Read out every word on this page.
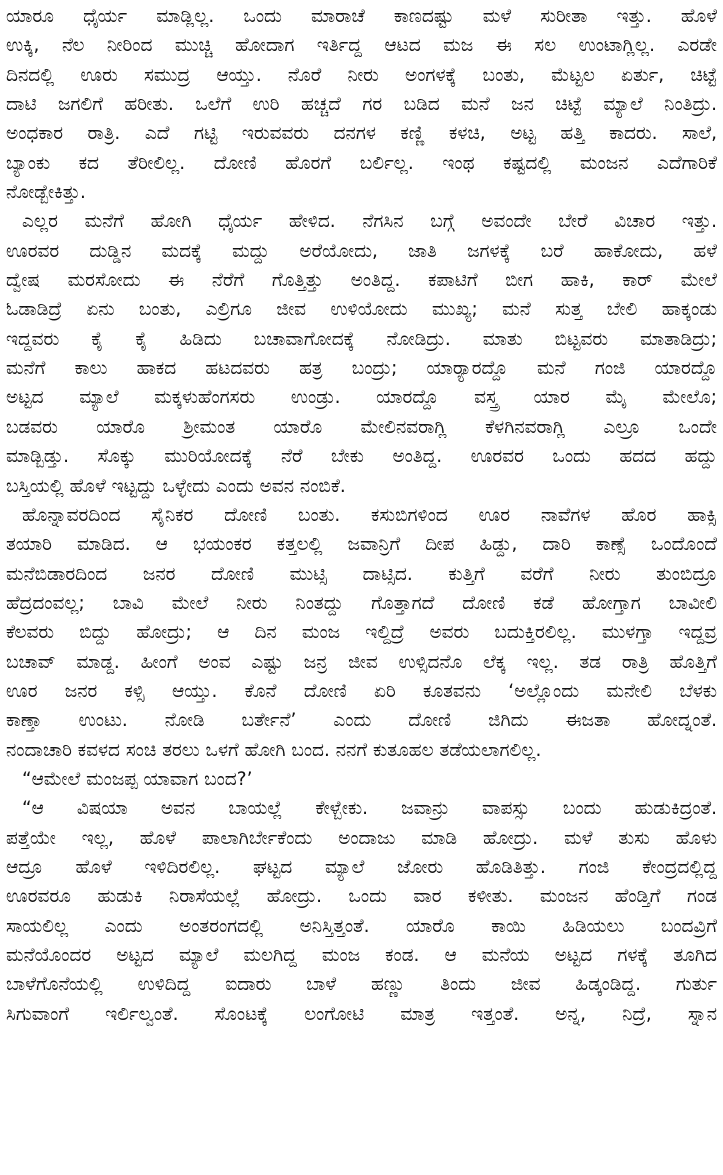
ಯಾರೂ ಧೈರ್ಯ ಮಾಡ್ಲಿಲ್ಲ. ಒಂದು ಮಾರಾಚೆ ಕಾಣದಷ್ಟು ಮಳೆ ಸುರೀತಾ ಇತ್ತು. ಹೊಳೆ
ಉಕ್ಕಿ, ನೆಲ ನೀರಿಂದ ಮುಚ್ಚಿ ಹೋದಾಗ ಇರ್ತಿದ್ದ ಆಟದ ಮಜ ಈ ಸಲ ಉಂಟಾಗ್ಲಿಲ್ಲ. ಎರಡೇ
ದಿನದಲ್ಲಿ ಊರು ಸಮುದ್ರ ಆಯ್ತು. ನೊರೆ ನೀರು ಅಂಗಳಕ್ಕೆ ಬಂತು, ಮೆಟ್ಟಲ ಏರ್ತು, ಚಿಟ್ಟೆ
ದಾಟಿ ಜಗಲಿಗೆ ಹರೀತು. ಒಲೆಗೆ ಉರಿ ಹಚ್ಚದೆ ಗರ ಬಡಿದ ಮನೆ ಜನ ಚಿಟ್ಟೆ ಮ್ಯಾಲೆ ನಿಂತಿದ್ರು.
ಅಂಧಕಾರ ರಾತ್ರಿ. ಎದೆ ಗಟ್ಟಿ ಇರುವವರು ದನಗಳ ಕಣ್ಣಿ ಕಳಚಿ, ಅಟ್ಟ ಹತ್ತಿ ಕಾದರು. ಸಾಲೆ,
ಬ್ಯಾಂಕು ಕದ ತೆರೀಲಿಲ್ಲ. ದೋಣಿ ಹೊರಗೆ ಬರ್ಲಿಲ್ಲ. ಇಂಥ ಕಷ್ಟದಲ್ಲಿ ಮಂಜನ ಎದೆಗಾರಿಕೆ
ನೋಡ್ಬೇಕಿತ್ತು.
ಎಲ್ಲರ ಮನೆಗೆ ಹೋಗಿ ಧೈರ್ಯ ಹೇಳಿದ. ನೆಗಸಿನ ಬಗ್ಗೆ ಅವಂದೇ ಬೇರೆ ವಿಚಾರ ಇತ್ತು.
ಊರವರ ದುಡ್ಡಿನ ಮದಕ್ಕೆ ಮದ್ದು ಅರೆಯೋದು, ಜಾತಿ ಜಗಳಕ್ಕೆ ಬರೆ ಹಾಕೋದು, ಹಳೆ
ದ್ವೇಷ ಮರಸೋದು ಈ ನೆರೆಗೆ ಗೊತ್ತಿತ್ತು ಅಂತಿದ್ದ. ಕಪಾಟಿಗೆ ಬೀಗ ಹಾಕಿ, ಕಾರ್ ಮೇಲೆ
ಓಡಾಡಿದ್ರೆ ಏನು ಬಂತು, ಎಲ್ರಿಗೂ ಜೀವ ಉಳಿಯೋದು ಮುಖ್ಯ; ಮನೆ ಸುತ್ತ ಬೇಲಿ ಹಾಕ್ಕಂಡು
ಇದ್ದವರು ಕೈ ಕೈ ಹಿಡಿದು ಬಚಾವಾಗೋದಕ್ಕೆ ನೋಡಿದ್ರು. ಮಾತು ಬಿಟ್ಟವರು ಮಾತಾಡಿದ್ರು;
ಮನೆಗೆ ಕಾಲು ಹಾಕದ ಹಟದವರು ಹತ್ರ ಬಂದ್ರು; ಯಾರ್‍ಯಾರದ್ದೊ ಮನೆ ಗಂಜಿ ಯಾರದ್ದೊ
ಅಟ್ಟದ ಮ್ಯಾಲೆ ಮಕ್ಕಳುಹೆಂಗಸರು ಉಂಡ್ರು. ಯಾರದ್ದೊ ವಸ್ತ್ರ ಯಾರ ಮೈ ಮೇಲೊ;
ಬಡವರು ಯಾರೊ ಶ್ರೀಮಂತ ಯಾರೊ ಮೇಲಿನವರಾಗ್ಲಿ ಕೆಳಗಿನವರಾಗ್ಲಿ ಎಲ್ರೂ ಒಂದೇ
ಮಾಡ್ಬಿಡ್ತು. ಸೊಕ್ಕು ಮುರಿಯೋದಕ್ಕೆ ನೆರೆ ಬೇಕು ಅಂತಿದ್ದ. ಊರವರ ಒಂದು ಹದದ ಹದ್ದು
ಬಸ್ತಿಯಲ್ಲಿ ಹೊಳೆ ಇಟ್ಟದ್ದು ಒಳ್ಳೇದು ಎಂದು ಅವನ ನಂಬಿಕೆ.
ಹೊನ್ನಾವರದಿಂದ ಸೈನಿಕರ ದೋಣಿ ಬಂತು. ಕಸುಬಿಗಳಿಂದ ಊರ ನಾವೆಗಳ ಹೊರ ಹಾಕ್ಸಿ
ತಯಾರಿ ಮಾಡಿದ. ಆ ಭಯಂಕರ ಕತ್ತಲಲ್ಲಿ ಜವಾನ್ರಿಗೆ ದೀಪ ಹಿಡ್ದು, ದಾರಿ ಕಾಣ್ಸೆ ಒಂದೊಂದೆ
ಮನೆಬಿಡಾರದಿಂದ ಜನರ ದೋಣಿ ಮುಟ್ಸಿ ದಾಟ್ಸಿದ. ಕುತ್ತಿಗೆ ವರೆಗೆ ನೀರು ತುಂಬಿದ್ರೂ
ಹೆದ್ರದಂವಲ್ಲ; ಬಾವಿ ಮೇಲೆ ನೀರು ನಿಂತದ್ದು ಗೊತ್ತಾಗದೆ ದೋಣಿ ಕಡೆ ಹೋಗ್ತಾಗ ಬಾವೀಲಿ
ಕೆಲವರು ಬಿದ್ದು ಹೋದ್ರು; ಆ ದಿನ ಮಂಜ ಇಲ್ದಿದ್ರೆ ಅವರು ಬದುಕ್ತಿರಲಿಲ್ಲ. ಮುಳಗ್ತಾ ಇದ್ದವ್ರ
ಬಚಾವ್ ಮಾಡ್ದ. ಹೀಂಗೆ ಅಂವ ಎಷ್ಟು ಜನ್ರ ಜೀವ ಉಳ್ಸಿದನೊ ಲೆಕ್ಕ ಇಲ್ಲ. ತಡ ರಾತ್ರಿ ಹೊತ್ತಿಗೆ
ಊರ ಜನರ ಕಳ್ಸಿ ಆಯ್ತು. ಕೊನೆ ದೋಣಿ ಏರಿ ಕೂತವನು ‘ಅಲ್ಲೊಂದು ಮನೇಲಿ ಬೆಳಕು
ಕಾಣ್ತಾ ಉಂಟು. ನೋಡಿ ಬರ್ತೇನೆ’ ಎಂದು ದೋಣಿ ಜಿಗಿದು ಈಜತಾ ಹೋದ್ನಂತೆ.
ನಂದಾಚಾರಿ ಕವಳದ ಸಂಚಿ ತರಲು ಒಳಗೆ ಹೋಗಿ ಬಂದ. ನನಗೆ ಕುತೂಹಲ ತಡೆಯಲಾಗಲಿಲ್ಲ.
“ಆಮೇಲೆ ಮಂಜಪ್ಪ ಯಾವಾಗ ಬಂದ?’
“ಆ ವಿಷಯಾ ಅವನ ಬಾಯಲ್ಲೆ ಕೇಳ್ಬೇಕು. ಜವಾನ್ರು ವಾಪಸ್ಸು ಬಂದು ಹುಡುಕಿದ್ರಂತೆ.
ಪತ್ತೆಯೇ ಇಲ್ಲ, ಹೊಳೆ ಪಾಲಾಗಿರ್ಬೇಕೆಂದು ಅಂದಾಜು ಮಾಡಿ ಹೋದ್ರು. ಮಳೆ ತುಸು ಹೊಳು
ಆದ್ರೂ ಹೊಳೆ ಇಳಿದಿರಲಿಲ್ಲ. ಘಟ್ಟದ ಮ್ಯಾಲೆ ಜೋರು ಹೊಡಿತಿತ್ತು. ಗಂಜಿ ಕೇಂದ್ರದಲ್ಲಿದ್ದ
ಊರವರೂ ಹುಡುಕಿ ನಿರಾಸೆಯಲ್ಲೆ ಹೋದ್ರು. ಒಂದು ವಾರ ಕಳೀತು. ಮಂಜನ ಹೆಂಡ್ತಿಗೆ ಗಂಡ
ಸಾಯಲಿಲ್ಲ ಎಂದು ಅಂತರಂಗದಲ್ಲಿ ಅನಿಸ್ತಿತ್ತಂತೆ. ಯಾರೊ ಕಾಯಿ ಹಿಡಿಯಲು ಬಂದವ್ರಿಗೆ
ಮನೆಯೊಂದರ ಅಟ್ಟದ ಮ್ಯಾಲೆ ಮಲಗಿದ್ದ ಮಂಜ ಕಂಡ. ಆ ಮನೆಯ ಅಟ್ಟದ ಗಳಕ್ಕೆ ತೂಗಿದ
ಬಾಳೆಗೊನೆಯಲ್ಲಿ ಉಳಿದಿದ್ದ ಐದಾರು ಬಾಳೆ ಹಣ್ಣು ತಿಂದು ಜೀವ ಹಿಡ್ಕಂಡಿದ್ದ. ಗುರ್ತು
ಸಿಗುವಾಂಗೆ ಇರ್ಲಿಲ್ವಂತೆ. ಸೊಂಟಕ್ಕೆ ಲಂಗೋಟಿ ಮಾತ್ರ ಇತ್ತಂತೆ. ಅನ್ನ, ನಿದ್ರೆ, ಸ್ನಾನ
